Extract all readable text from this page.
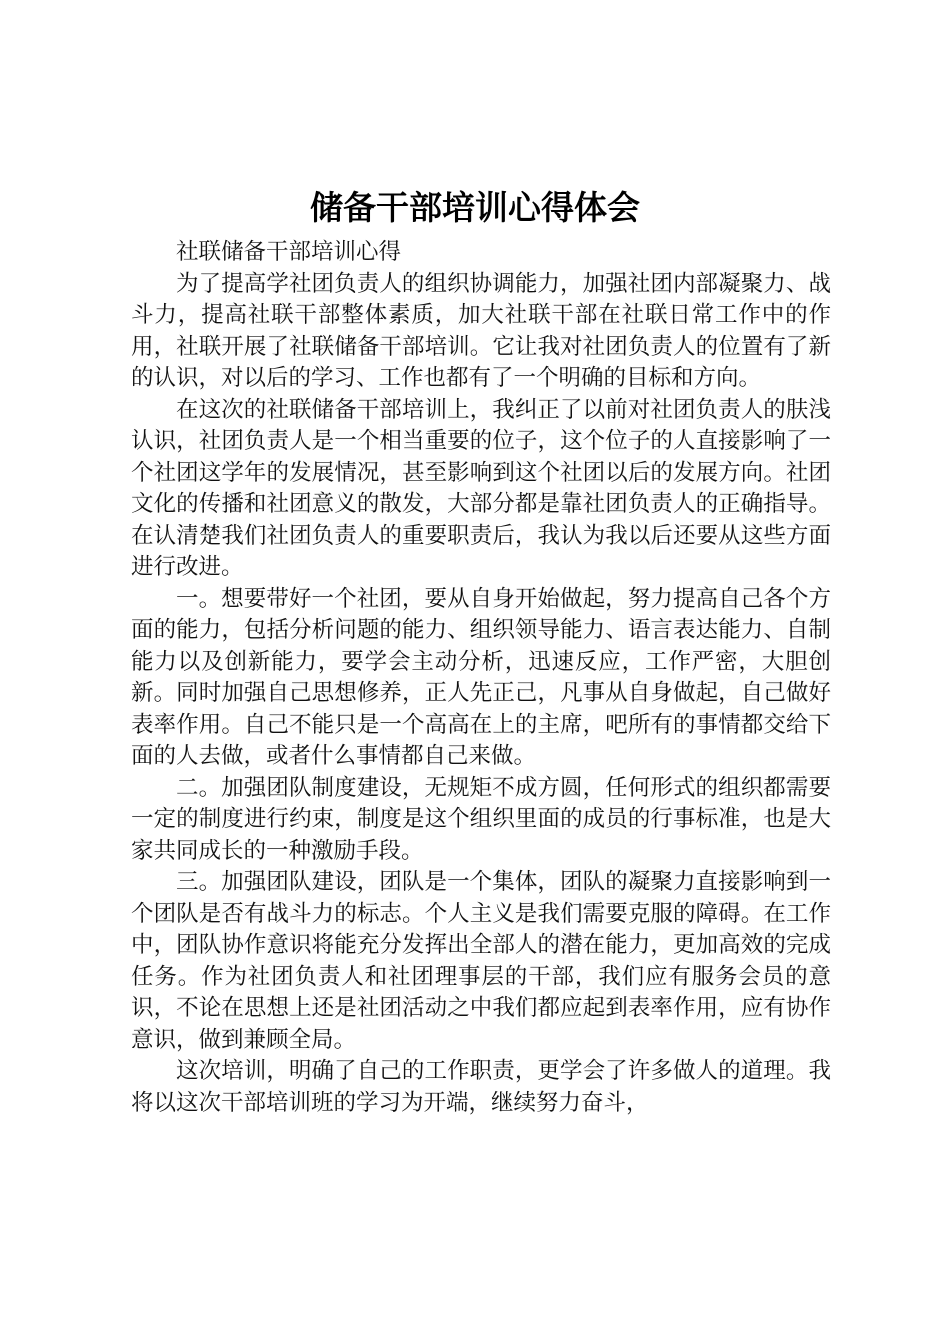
储备干部培训心得体会

社联储备干部培训心得

为了提高学社团负责人的组织协调能力，加强社团内部凝聚力、战斗力，提高社联干部整体素质，加大社联干部在社联日常工作中的作用，社联开展了社联储备干部培训。它让我对社团负责人的位置有了新的认识，对以后的学习、工作也都有了一个明确的目标和方向。

在这次的社联储备干部培训上，我纠正了以前对社团负责人的肤浅认识，社团负责人是一个相当重要的位子，这个位子的人直接影响了一个社团这学年的发展情况，甚至影响到这个社团以后的发展方向。社团文化的传播和社团意义的散发，大部分都是靠社团负责人的正确指导。在认清楚我们社团负责人的重要职责后，我认为我以后还要从这些方面进行改进。

一。想要带好一个社团，要从自身开始做起，努力提高自己各个方面的能力，包括分析问题的能力、组织领导能力、语言表达能力、自制能力以及创新能力，要学会主动分析，迅速反应，工作严密，大胆创新。同时加强自己思想修养，正人先正己，凡事从自身做起，自己做好表率作用。自己不能只是一个高高在上的主席，吧所有的事情都交给下面的人去做，或者什么事情都自己来做。

二。加强团队制度建设，无规矩不成方圆，任何形式的组织都需要一定的制度进行约束，制度是这个组织里面的成员的行事标准，也是大家共同成长的一种激励手段。

三。加强团队建设，团队是一个集体，团队的凝聚力直接影响到一个团队是否有战斗力的标志。个人主义是我们需要克服的障碍。在工作中，团队协作意识将能充分发挥出全部人的潜在能力，更加高效的完成任务。作为社团负责人和社团理事层的干部，我们应有服务会员的意识，不论在思想上还是社团活动之中我们都应起到表率作用，应有协作意识，做到兼顾全局。

这次培训，明确了自己的工作职责，更学会了许多做人的道理。我将以这次干部培训班的学习为开端，继续努力奋斗，
